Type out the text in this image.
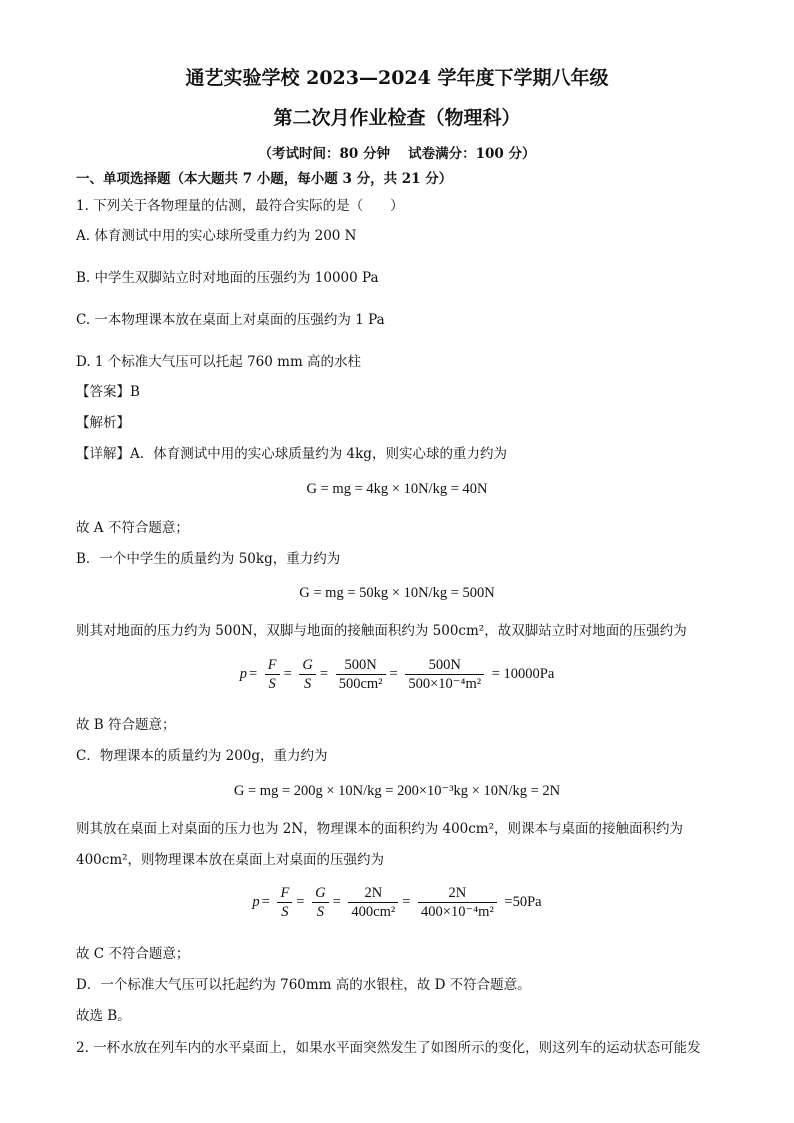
通艺实验学校 2023—2024 学年度下学期八年级
第二次月作业检查（物理科）
（考试时间：80 分钟　 试卷满分：100 分）
一、单项选择题（本大题共 7 小题，每小题 3 分，共 21 分）
1. 下列关于各物理量的估测，最符合实际的是（　　）
A. 体育测试中用的实心球所受重力约为 200 N
B. 中学生双脚站立时对地面的压强约为 10000 Pa
C. 一本物理课本放在桌面上对桌面的压强约为 1 Pa
D. 1 个标准大气压可以托起 760 mm 高的水柱
【答案】B
【解析】
【详解】A．体育测试中用的实心球质量约为 4kg，则实心球的重力约为
G = mg = 4kg × 10N/kg = 40N
故 A 不符合题意；
B．一个中学生的质量约为 50kg，重力约为
G = mg = 50kg × 10N/kg = 500N
则其对地面的压力约为 500N，双脚与地面的接触面积约为 500cm²，故双脚站立时对地面的压强约为
$p = \frac{F}{S} = \frac{G}{S} = \frac{500N}{\text{500cm²}} = \frac{500N}{\text{500×10⁻⁴m²}} = 10000Pa$
故 B 符合题意；
C．物理课本的质量约为 200g，重力约为
G = mg = 200g × 10N/kg = 200×10⁻³kg × 10N/kg = 2N
则其放在桌面上对桌面的压力也为 2N，物理课本的面积约为 400cm²，则课本与桌面的接触面积约为
400cm²，则物理课本放在桌面上对桌面的压强约为
$p = \frac{F}{S} = \frac{G}{S} = \frac{2N}{\text{400cm²}} = \frac{2N}{\text{400×10⁻⁴m²}} =50Pa$
故 C 不符合题意；
D．一个标准大气压可以托起约为 760mm 高的水银柱，故 D 不符合题意。
故选 B。
2. 一杯水放在列车内的水平桌面上，如果水平面突然发生了如图所示的变化，则这列车的运动状态可能发
